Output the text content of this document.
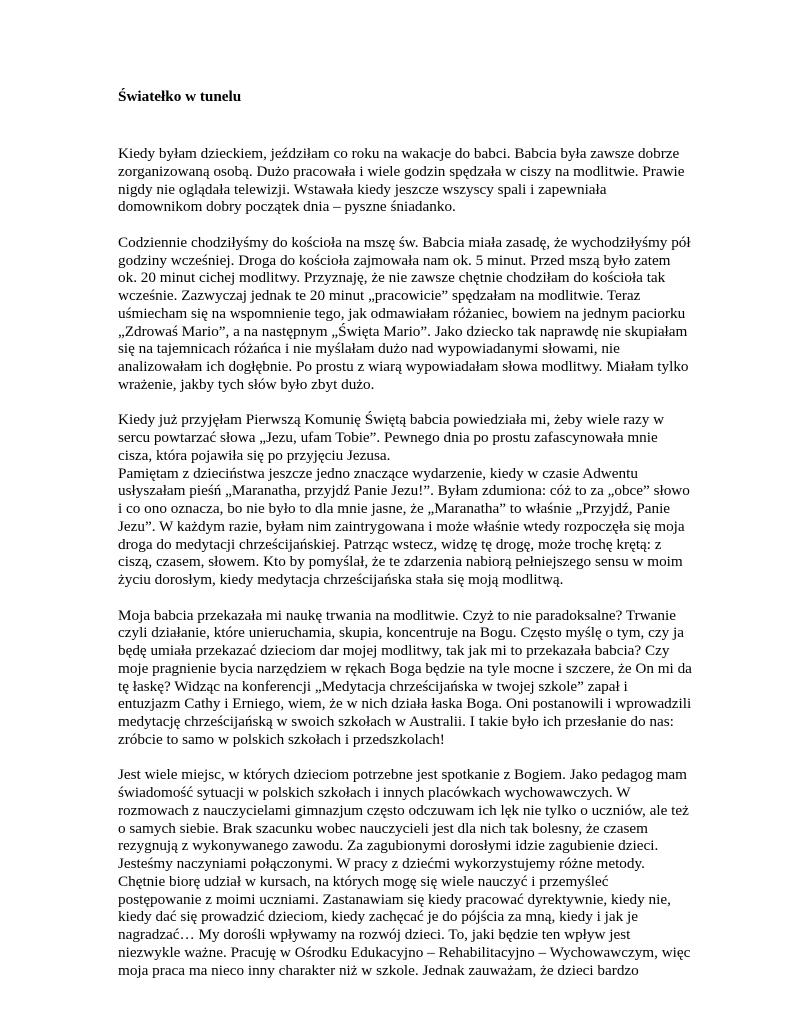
Światełko w tunelu
Kiedy byłam dzieckiem, jeździłam co roku na wakacje do babci. Babcia była zawsze dobrze
zorganizowaną osobą. Dużo pracowała i wiele godzin spędzała w ciszy na modlitwie. Prawie
nigdy nie oglądała telewizji. Wstawała kiedy jeszcze wszyscy spali i zapewniała
domownikom dobry początek dnia – pyszne śniadanko.
Codziennie chodziłyśmy do kościoła na mszę św. Babcia miała zasadę, że wychodziłyśmy pół
godziny wcześniej. Droga do kościoła zajmowała nam ok. 5 minut. Przed mszą było zatem
ok. 20 minut cichej modlitwy. Przyznaję, że nie zawsze chętnie chodziłam do kościoła tak
wcześnie. Zazwyczaj jednak te 20 minut „pracowicie” spędzałam na modlitwie. Teraz
uśmiecham się na wspomnienie tego, jak odmawiałam różaniec, bowiem na jednym paciorku
„Zdrowaś Mario”, a na następnym „Święta Mario”. Jako dziecko tak naprawdę nie skupiałam
się na tajemnicach różańca i nie myślałam dużo nad wypowiadanymi słowami, nie
analizowałam ich dogłębnie. Po prostu z wiarą wypowiadałam słowa modlitwy. Miałam tylko
wrażenie, jakby tych słów było zbyt dużo.
Kiedy już przyjęłam Pierwszą Komunię Świętą babcia powiedziała mi, żeby wiele razy w
sercu powtarzać słowa „Jezu, ufam Tobie”. Pewnego dnia po prostu zafascynowała mnie
cisza, która pojawiła się po przyjęciu Jezusa.
Pamiętam z dzieciństwa jeszcze jedno znaczące wydarzenie, kiedy w czasie Adwentu
usłyszałam pieśń „Maranatha, przyjdź Panie Jezu!”. Byłam zdumiona: cóż to za „obce” słowo
i co ono oznacza, bo nie było to dla mnie jasne, że „Maranatha” to właśnie „Przyjdź, Panie
Jezu”. W każdym razie, byłam nim zaintrygowana i może właśnie wtedy rozpoczęła się moja
droga do medytacji chrześcijańskiej. Patrząc wstecz, widzę tę drogę, może trochę krętą: z
ciszą, czasem, słowem. Kto by pomyślał, że te zdarzenia nabiorą pełniejszego sensu w moim
życiu dorosłym, kiedy medytacja chrześcijańska stała się moją modlitwą.
Moja babcia przekazała mi naukę trwania na modlitwie. Czyż to nie paradoksalne? Trwanie
czyli działanie, które unieruchamia, skupia, koncentruje na Bogu. Często myślę o tym, czy ja
będę umiała przekazać dzieciom dar mojej modlitwy, tak jak mi to przekazała babcia? Czy
moje pragnienie bycia narzędziem w rękach Boga będzie na tyle mocne i szczere, że On mi da
tę łaskę? Widząc na konferencji „Medytacja chrześcijańska w twojej szkole” zapał i
entuzjazm Cathy i Erniego, wiem, że w nich działa łaska Boga. Oni postanowili i wprowadzili
medytację chrześcijańską w swoich szkołach w Australii. I takie było ich przesłanie do nas:
zróbcie to samo w polskich szkołach i przedszkolach!
Jest wiele miejsc, w których dzieciom potrzebne jest spotkanie z Bogiem. Jako pedagog mam
świadomość sytuacji w polskich szkołach i innych placówkach wychowawczych. W
rozmowach z nauczycielami gimnazjum często odczuwam ich lęk nie tylko o uczniów, ale też
o samych siebie. Brak szacunku wobec nauczycieli jest dla nich tak bolesny, że czasem
rezygnują z wykonywanego zawodu. Za zagubionymi dorosłymi idzie zagubienie dzieci.
Jesteśmy naczyniami połączonymi. W pracy z dziećmi wykorzystujemy różne metody.
Chętnie biorę udział w kursach, na których mogę się wiele nauczyć i przemyśleć
postępowanie z moimi uczniami. Zastanawiam się kiedy pracować dyrektywnie, kiedy nie,
kiedy dać się prowadzić dzieciom, kiedy zachęcać je do pójścia za mną, kiedy i jak je
nagradzać… My dorośli wpływamy na rozwój dzieci. To, jaki będzie ten wpływ jest
niezwykle ważne. Pracuję w Ośrodku Edukacyjno – Rehabilitacyjno – Wychowawczym, więc
moja praca ma nieco inny charakter niż w szkole. Jednak zauważam, że dzieci bardzo
